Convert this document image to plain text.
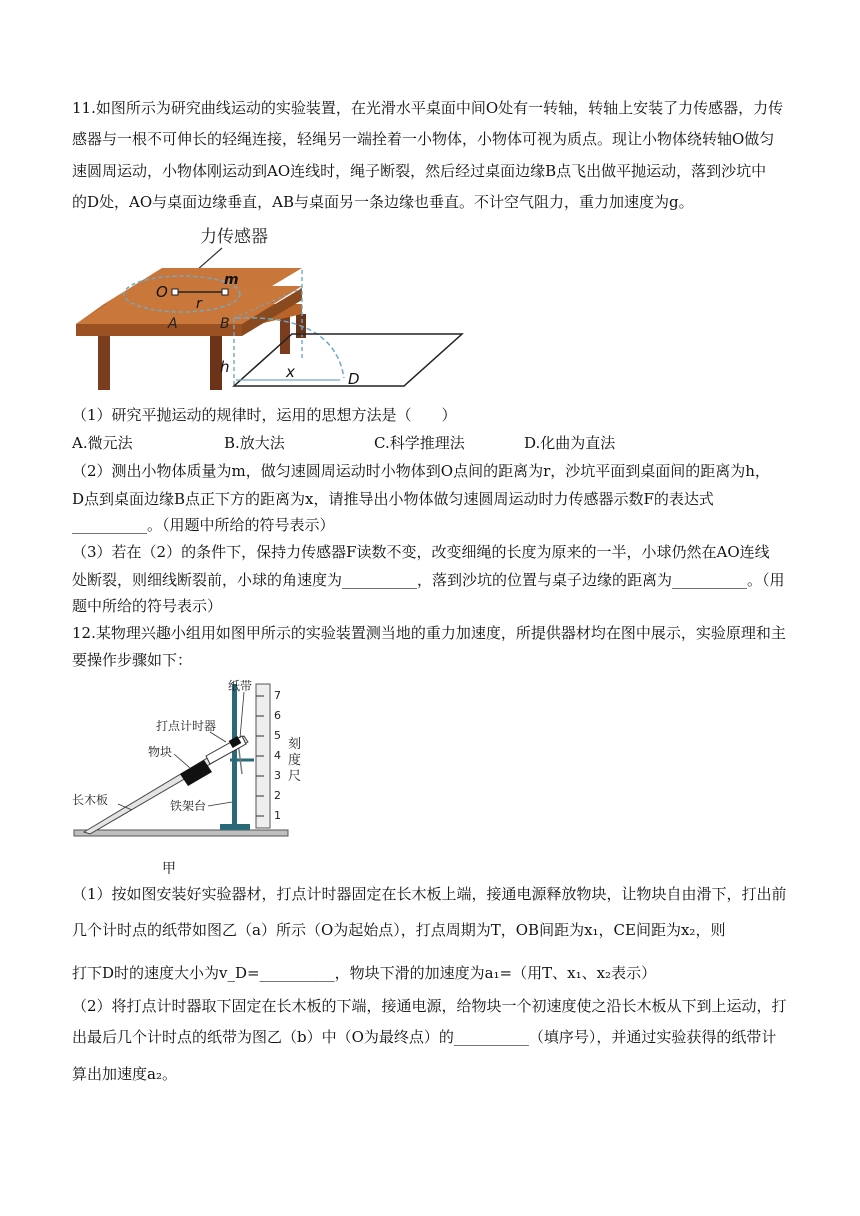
11.如图所示为研究曲线运动的实验装置，在光滑水平桌面中间O处有一转轴，转轴上安装了力传感器，力传
感器与一根不可伸长的轻绳连接，轻绳另一端拴着一小物体，小物体可视为质点。现让小物体绕转轴O做匀
速圆周运动，小物体刚运动到AO连线时，绳子断裂，然后经过桌面边缘B点飞出做平抛运动，落到沙坑中
的D处，AO与桌面边缘垂直，AB与桌面另一条边缘也垂直。不计空气阻力，重力加速度为g。
力传感器
O
m
r
A	B
x	D
h
（1）研究平抛运动的规律时，运用的思想方法是（　　）
A.微元法	B.放大法	C.科学推理法	D.化曲为直法
（2）测出小物体质量为m，做匀速圆周运动时小物体到O点间的距离为r，沙坑平面到桌面间的距离为h，
D点到桌面边缘B点正下方的距离为x，请推导出小物体做匀速圆周运动时力传感器示数F的表达式
__________。（用题中所给的符号表示）
（3）若在（2）的条件下，保持力传感器F读数不变，改变细绳的长度为原来的一半，小球仍然在AO连线
处断裂，则细线断裂前，小球的角速度为__________，落到沙坑的位置与桌子边缘的距离为__________。（用
题中所给的符号表示）
12.某物理兴趣小组用如图甲所示的实验装置测当地的重力加速度，所提供器材均在图中展示，实验原理和主
要操作步骤如下：
1
2
3
4
5
6
7
刻 度 尺
纸带
打点计时器
物块
长木板	铁架台
甲
（1）按如图安装好实验器材，打点计时器固定在长木板上端，接通电源释放物块，让物块自由滑下，打出前
几个计时点的纸带如图乙（a）所示（O为起始点），打点周期为T，OB间距为x₁，CE间距为x₂，则
打下D时的速度大小为v_D=__________，物块下滑的加速度为a₁=（用T、x₁、x₂表示）
（2）将打点计时器取下固定在长木板的下端，接通电源，给物块一个初速度使之沿长木板从下到上运动，打
出最后几个计时点的纸带为图乙（b）中（O为最终点）的__________（填序号），并通过实验获得的纸带计
算出加速度a₂。
